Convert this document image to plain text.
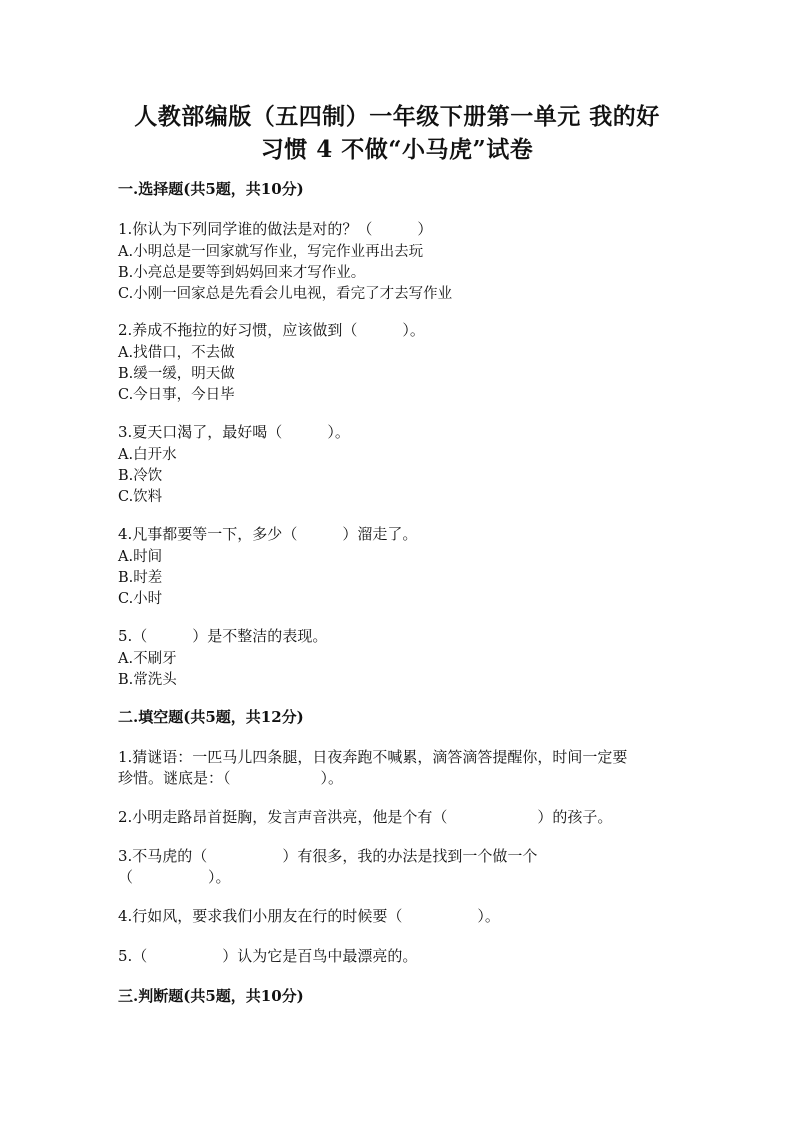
人教部编版（五四制）一年级下册第一单元 我的好
习惯 4 不做“小马虎”试卷
一.选择题(共5题，共10分)
1.你认为下列同学谁的做法是对的？（　　　）
A.小明总是一回家就写作业，写完作业再出去玩
B.小亮总是要等到妈妈回来才写作业。
C.小刚一回家总是先看会儿电视，看完了才去写作业
2.养成不拖拉的好习惯，应该做到（　　　）。
A.找借口，不去做
B.缓一缓，明天做
C.今日事，今日毕
3.夏天口渴了，最好喝（　　　）。
A.白开水
B.冷饮
C.饮料
4.凡事都要等一下，多少（　　　）溜走了。
A.时间
B.时差
C.小时
5.（　　　）是不整洁的表现。
A.不刷牙
B.常洗头
二.填空题(共5题，共12分)
1.猜谜语：一匹马儿四条腿，日夜奔跑不喊累，滴答滴答提醒你，时间一定要
珍惜。谜底是：（　　　　　　）。
2.小明走路昂首挺胸，发言声音洪亮，他是个有（　　　　　　）的孩子。
3.不马虎的（　　　　　）有很多，我的办法是找到一个做一个
（　　　　　）。
4.行如风，要求我们小朋友在行的时候要（　　　　　）。
5.（　　　　　）认为它是百鸟中最漂亮的。
三.判断题(共5题，共10分)
